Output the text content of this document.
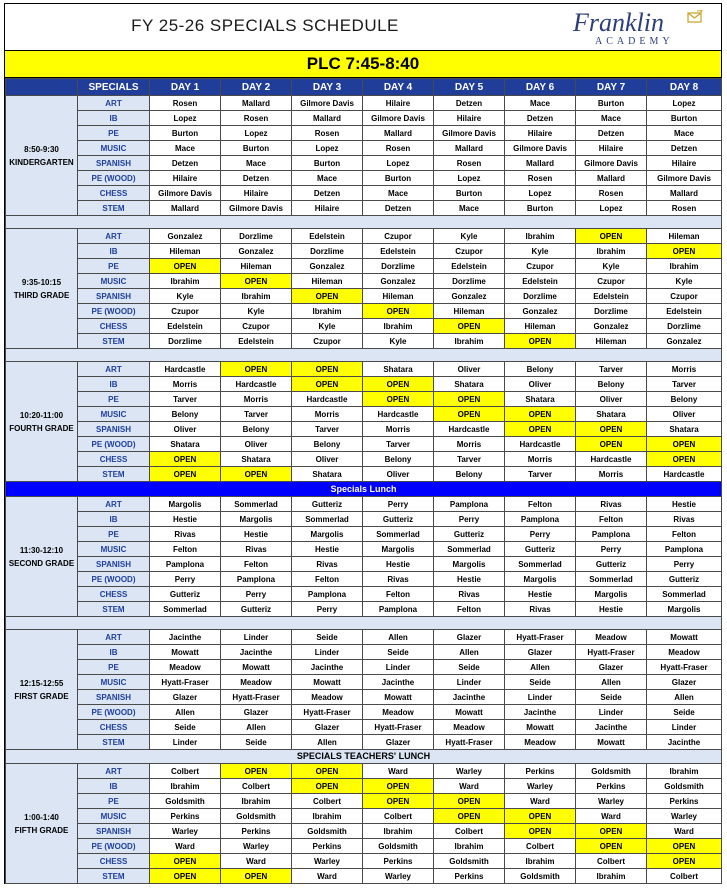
FY 25-26 SPECIALS SCHEDULE	Franklin
ACADEMY
PLC 7:45-8:40
	SPECIALS	DAY 1	DAY 2	DAY 3	DAY 4	DAY 5	DAY 6	DAY 7	DAY 8

8:50-9:30
KINDERGARTEN	ART	Rosen	Mallard	Gilmore Davis	Hilaire	Detzen	Mace	Burton	Lopez
	IB	Lopez	Rosen	Mallard	Gilmore Davis	Hilaire	Detzen	Mace	Burton
	PE	Burton	Lopez	Rosen	Mallard	Gilmore Davis	Hilaire	Detzen	Mace
	MUSIC	Mace	Burton	Lopez	Rosen	Mallard	Gilmore Davis	Hilaire	Detzen
	SPANISH	Detzen	Mace	Burton	Lopez	Rosen	Mallard	Gilmore Davis	Hilaire
	PE (WOOD)	Hilaire	Detzen	Mace	Burton	Lopez	Rosen	Mallard	Gilmore Davis
	CHESS	Gilmore Davis	Hilaire	Detzen	Mace	Burton	Lopez	Rosen	Mallard
	STEM	Mallard	Gilmore Davis	Hilaire	Detzen	Mace	Burton	Lopez	Rosen

9:35-10:15
THIRD GRADE	ART	Gonzalez	Dorzlime	Edelstein	Czupor	Kyle	Ibrahim	OPEN	Hileman
	IB	Hileman	Gonzalez	Dorzlime	Edelstein	Czupor	Kyle	Ibrahim	OPEN
	PE	OPEN	Hileman	Gonzalez	Dorzlime	Edelstein	Czupor	Kyle	Ibrahim
	MUSIC	Ibrahim	OPEN	Hileman	Gonzalez	Dorzlime	Edelstein	Czupor	Kyle
	SPANISH	Kyle	Ibrahim	OPEN	Hileman	Gonzalez	Dorzlime	Edelstein	Czupor
	PE (WOOD)	Czupor	Kyle	Ibrahim	OPEN	Hileman	Gonzalez	Dorzlime	Edelstein
	CHESS	Edelstein	Czupor	Kyle	Ibrahim	OPEN	Hileman	Gonzalez	Dorzlime
	STEM	Dorzlime	Edelstein	Czupor	Kyle	Ibrahim	OPEN	Hileman	Gonzalez

10:20-11:00
FOURTH GRADE	ART	Hardcastle	OPEN	OPEN	Shatara	Oliver	Belony	Tarver	Morris
	IB	Morris	Hardcastle	OPEN	OPEN	Shatara	Oliver	Belony	Tarver
	PE	Tarver	Morris	Hardcastle	OPEN	OPEN	Shatara	Oliver	Belony
	MUSIC	Belony	Tarver	Morris	Hardcastle	OPEN	OPEN	Shatara	Oliver
	SPANISH	Oliver	Belony	Tarver	Morris	Hardcastle	OPEN	OPEN	Shatara
	PE (WOOD)	Shatara	Oliver	Belony	Tarver	Morris	Hardcastle	OPEN	OPEN
	CHESS	OPEN	Shatara	Oliver	Belony	Tarver	Morris	Hardcastle	OPEN
	STEM	OPEN	OPEN	Shatara	Oliver	Belony	Tarver	Morris	Hardcastle
Specials Lunch									

11:30-12:10
SECOND GRADE	ART	Margolis	Sommerlad	Gutteriz	Perry	Pamplona	Felton	Rivas	Hestie
	IB	Hestie	Margolis	Sommerlad	Gutteriz	Perry	Pamplona	Felton	Rivas
	PE	Rivas	Hestie	Margolis	Sommerlad	Gutteriz	Perry	Pamplona	Felton
	MUSIC	Felton	Rivas	Hestie	Margolis	Sommerlad	Gutteriz	Perry	Pamplona
	SPANISH	Pamplona	Felton	Rivas	Hestie	Margolis	Sommerlad	Gutteriz	Perry
	PE (WOOD)	Perry	Pamplona	Felton	Rivas	Hestie	Margolis	Sommerlad	Gutteriz
	CHESS	Gutteriz	Perry	Pamplona	Felton	Rivas	Hestie	Margolis	Sommerlad
	STEM	Sommerlad	Gutteriz	Perry	Pamplona	Felton	Rivas	Hestie	Margolis

12:15-12:55
FIRST GRADE	ART	Jacinthe	Linder	Seide	Allen	Glazer	Hyatt-Fraser	Meadow	Mowatt
	IB	Mowatt	Jacinthe	Linder	Seide	Allen	Glazer	Hyatt-Fraser	Meadow
	PE	Meadow	Mowatt	Jacinthe	Linder	Seide	Allen	Glazer	Hyatt-Fraser
	MUSIC	Hyatt-Fraser	Meadow	Mowatt	Jacinthe	Linder	Seide	Allen	Glazer
	SPANISH	Glazer	Hyatt-Fraser	Meadow	Mowatt	Jacinthe	Linder	Seide	Allen
	PE (WOOD)	Allen	Glazer	Hyatt-Fraser	Meadow	Mowatt	Jacinthe	Linder	Seide
	CHESS	Seide	Allen	Glazer	Hyatt-Fraser	Meadow	Mowatt	Jacinthe	Linder
	STEM	Linder	Seide	Allen	Glazer	Hyatt-Fraser	Meadow	Mowatt	Jacinthe
SPECIALS TEACHERS' LUNCH									

1:00-1:40
FIFTH GRADE	ART	Colbert	OPEN	OPEN	Ward	Warley	Perkins	Goldsmith	Ibrahim
	IB	Ibrahim	Colbert	OPEN	OPEN	Ward	Warley	Perkins	Goldsmith
	PE	Goldsmith	Ibrahim	Colbert	OPEN	OPEN	Ward	Warley	Perkins
	MUSIC	Perkins	Goldsmith	Ibrahim	Colbert	OPEN	OPEN	Ward	Warley
	SPANISH	Warley	Perkins	Goldsmith	Ibrahim	Colbert	OPEN	OPEN	Ward
	PE (WOOD)	Ward	Warley	Perkins	Goldsmith	Ibrahim	Colbert	OPEN	OPEN
	CHESS	OPEN	Ward	Warley	Perkins	Goldsmith	Ibrahim	Colbert	OPEN
	STEM	OPEN	OPEN	Ward	Warley	Perkins	Goldsmith	Ibrahim	Colbert
